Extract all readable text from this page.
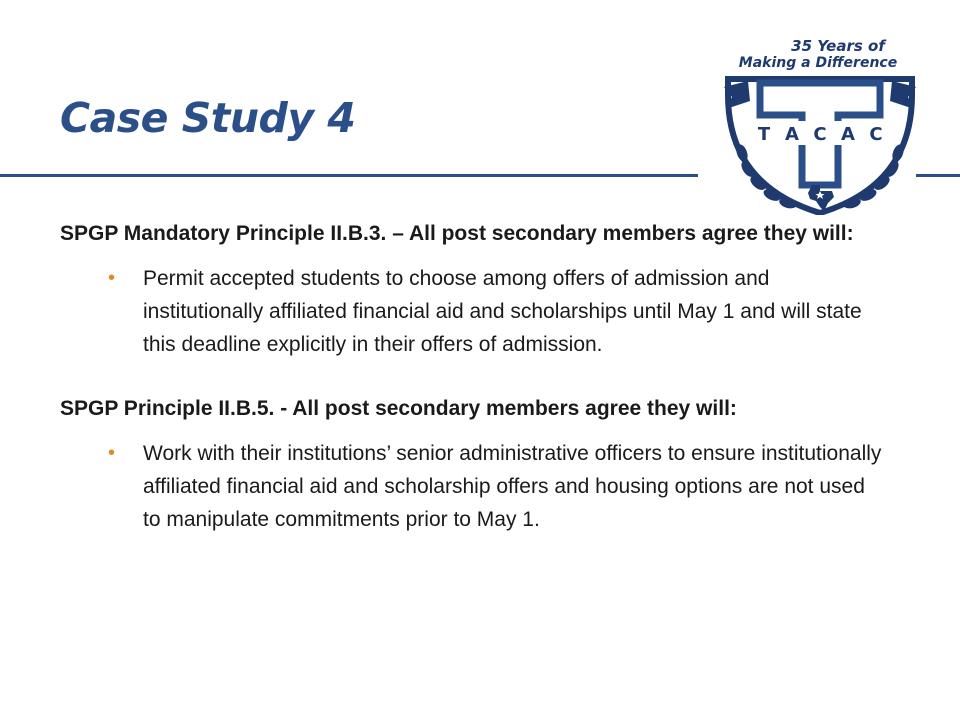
Case Study 4
35 Years of
Making a Difference
T A C A C

SPGP Mandatory Principle II.B.3. – All post secondary members agree they will:

• Permit accepted students to choose among offers of admission and institutionally affiliated financial aid and scholarships until May 1 and will state this deadline explicitly in their offers of admission.

SPGP Principle II.B.5. - All post secondary members agree they will:

• Work with their institutions’ senior administrative officers to ensure institutionally affiliated financial aid and scholarship offers and housing options are not used to manipulate commitments prior to May 1.
